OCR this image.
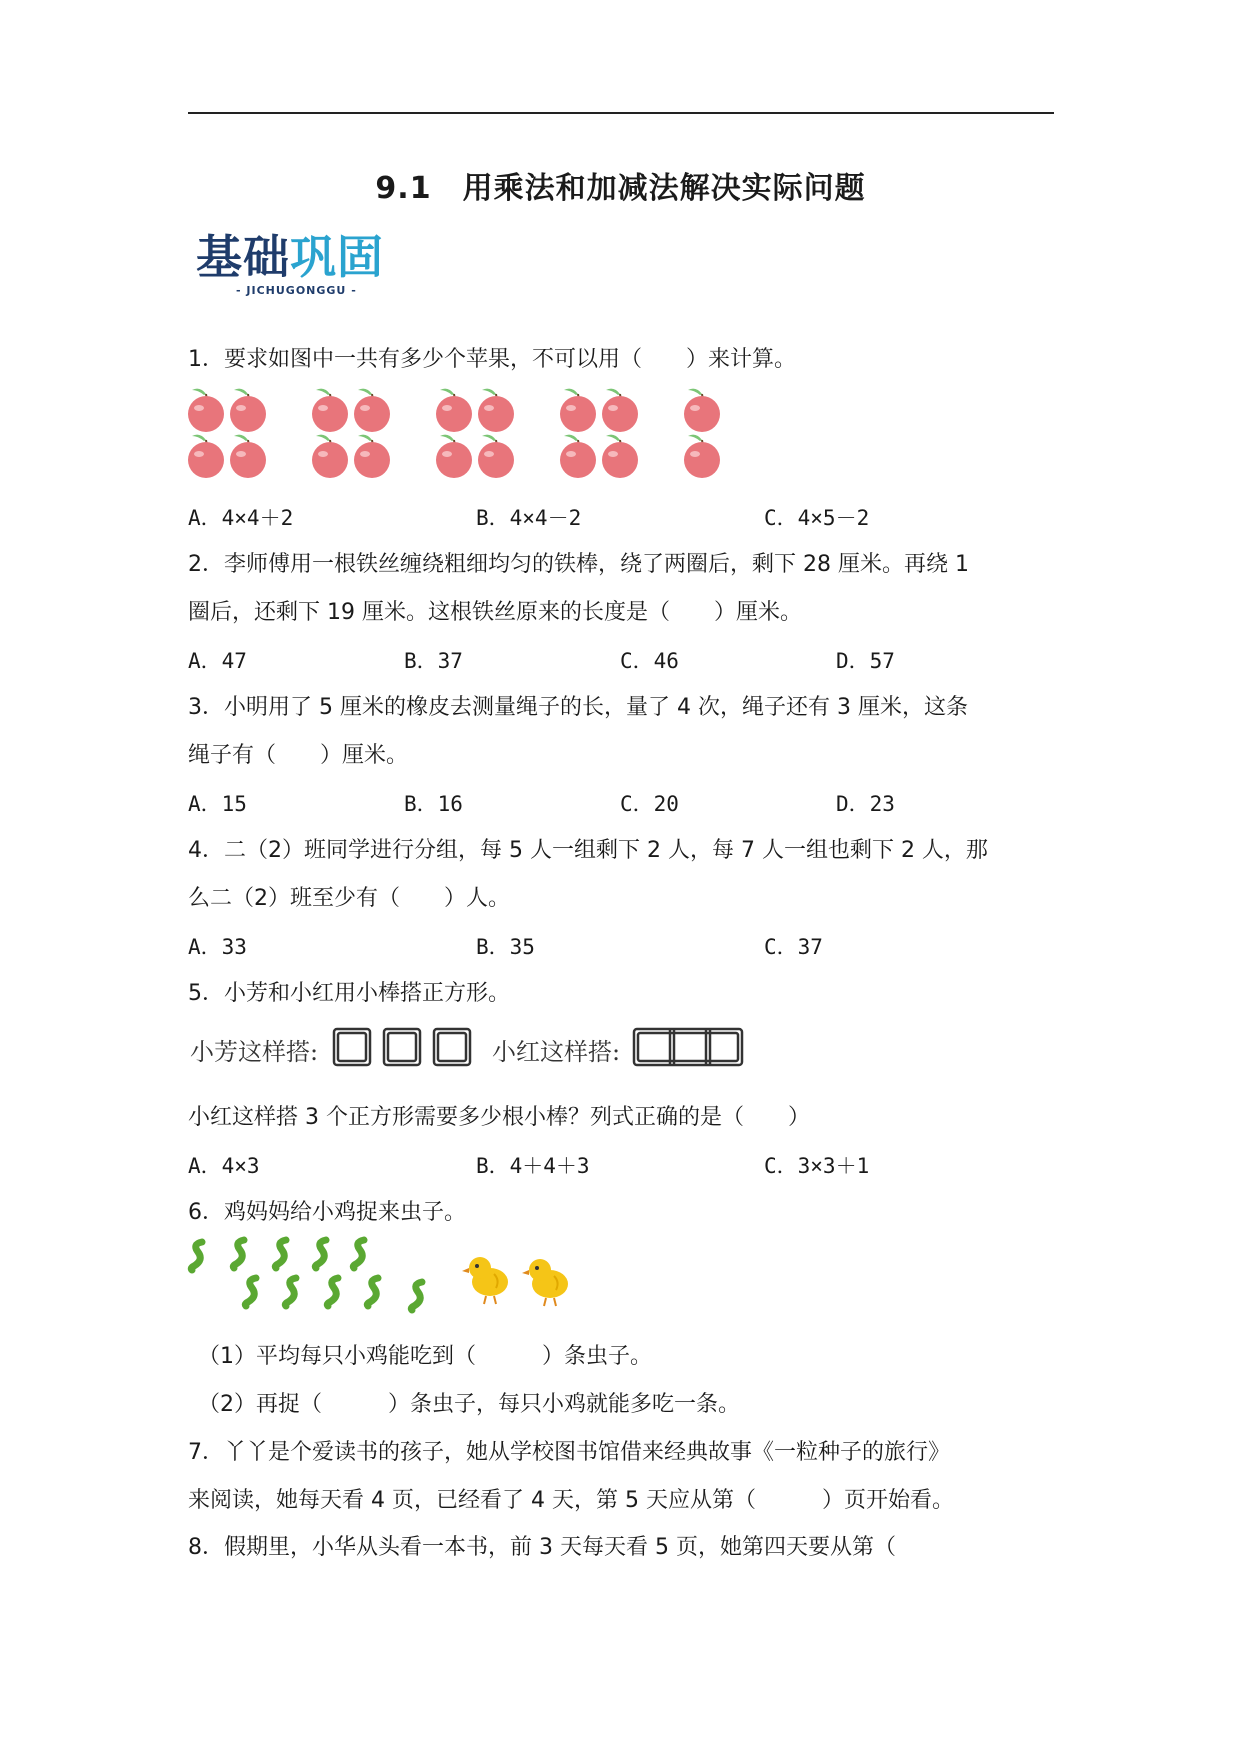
9.1　用乘法和加减法解决实际问题
基础巩固
- JICHUGONGGU -
1．要求如图中一共有多少个苹果，不可以用（　　）来计算。
A．4×4＋2	B．4×4－2	C．4×5－2
2．李师傅用一根铁丝缠绕粗细均匀的铁棒，绕了两圈后，剩下 28 厘米。再绕 1
圈后，还剩下 19 厘米。这根铁丝原来的长度是（　　）厘米。
A．47	B．37	C．46	D．57
3．小明用了 5 厘米的橡皮去测量绳子的长，量了 4 次，绳子还有 3 厘米，这条
绳子有（　　）厘米。
A．15	B．16	C．20	D．23
4．二（2）班同学进行分组，每 5 人一组剩下 2 人，每 7 人一组也剩下 2 人，那
么二（2）班至少有（　　）人。
A．33	B．35	C．37
5．小芳和小红用小棒搭正方形。
小芳这样搭:	小红这样搭:
小红这样搭 3 个正方形需要多少根小棒？列式正确的是（　　）
A．4×3	B．4＋4＋3	C．3×3＋1
6．鸡妈妈给小鸡捉来虫子。
（1）平均每只小鸡能吃到（　　　）条虫子。
（2）再捉（　　　）条虫子，每只小鸡就能多吃一条。
7．丫丫是个爱读书的孩子，她从学校图书馆借来经典故事《一粒种子的旅行》
来阅读，她每天看 4 页，已经看了 4 天，第 5 天应从第（　　　）页开始看。
8．假期里，小华从头看一本书，前 3 天每天看 5 页，她第四天要从第（
